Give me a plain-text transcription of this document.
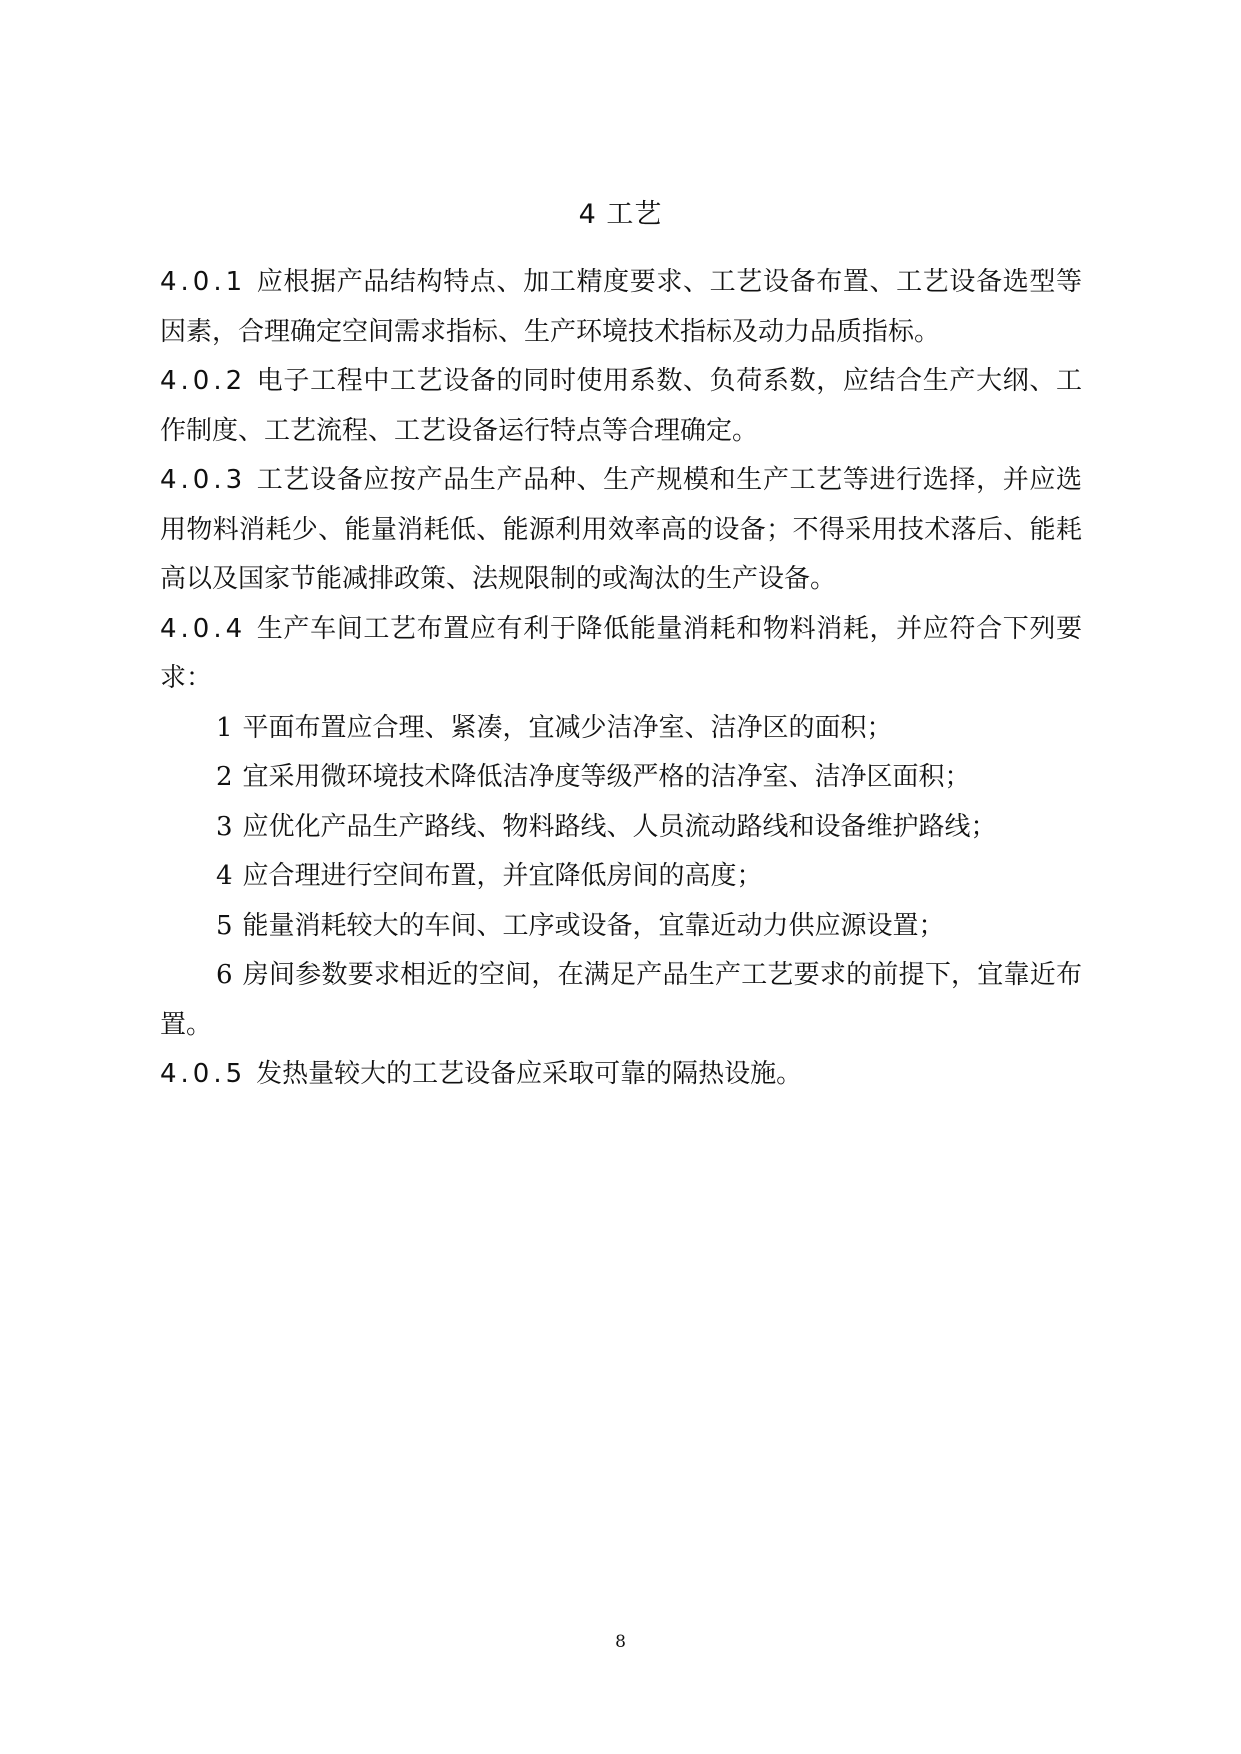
4 工艺

4.0.1 应根据产品结构特点、加工精度要求、工艺设备布置、工艺设备选型等因素，合理确定空间需求指标、生产环境技术指标及动力品质指标。

4.0.2 电子工程中工艺设备的同时使用系数、负荷系数，应结合生产大纲、工作制度、工艺流程、工艺设备运行特点等合理确定。

4.0.3 工艺设备应按产品生产品种、生产规模和生产工艺等进行选择，并应选用物料消耗少、能量消耗低、能源利用效率高的设备；不得采用技术落后、能耗高以及国家节能减排政策、法规限制的或淘汰的生产设备。

4.0.4 生产车间工艺布置应有利于降低能量消耗和物料消耗，并应符合下列要求：

1 平面布置应合理、紧凑，宜减少洁净室、洁净区的面积；

2 宜采用微环境技术降低洁净度等级严格的洁净室、洁净区面积；

3 应优化产品生产路线、物料路线、人员流动路线和设备维护路线；

4 应合理进行空间布置，并宜降低房间的高度；

5 能量消耗较大的车间、工序或设备，宜靠近动力供应源设置；

6 房间参数要求相近的空间，在满足产品生产工艺要求的前提下，宜靠近布置。

4.0.5 发热量较大的工艺设备应采取可靠的隔热设施。

8
